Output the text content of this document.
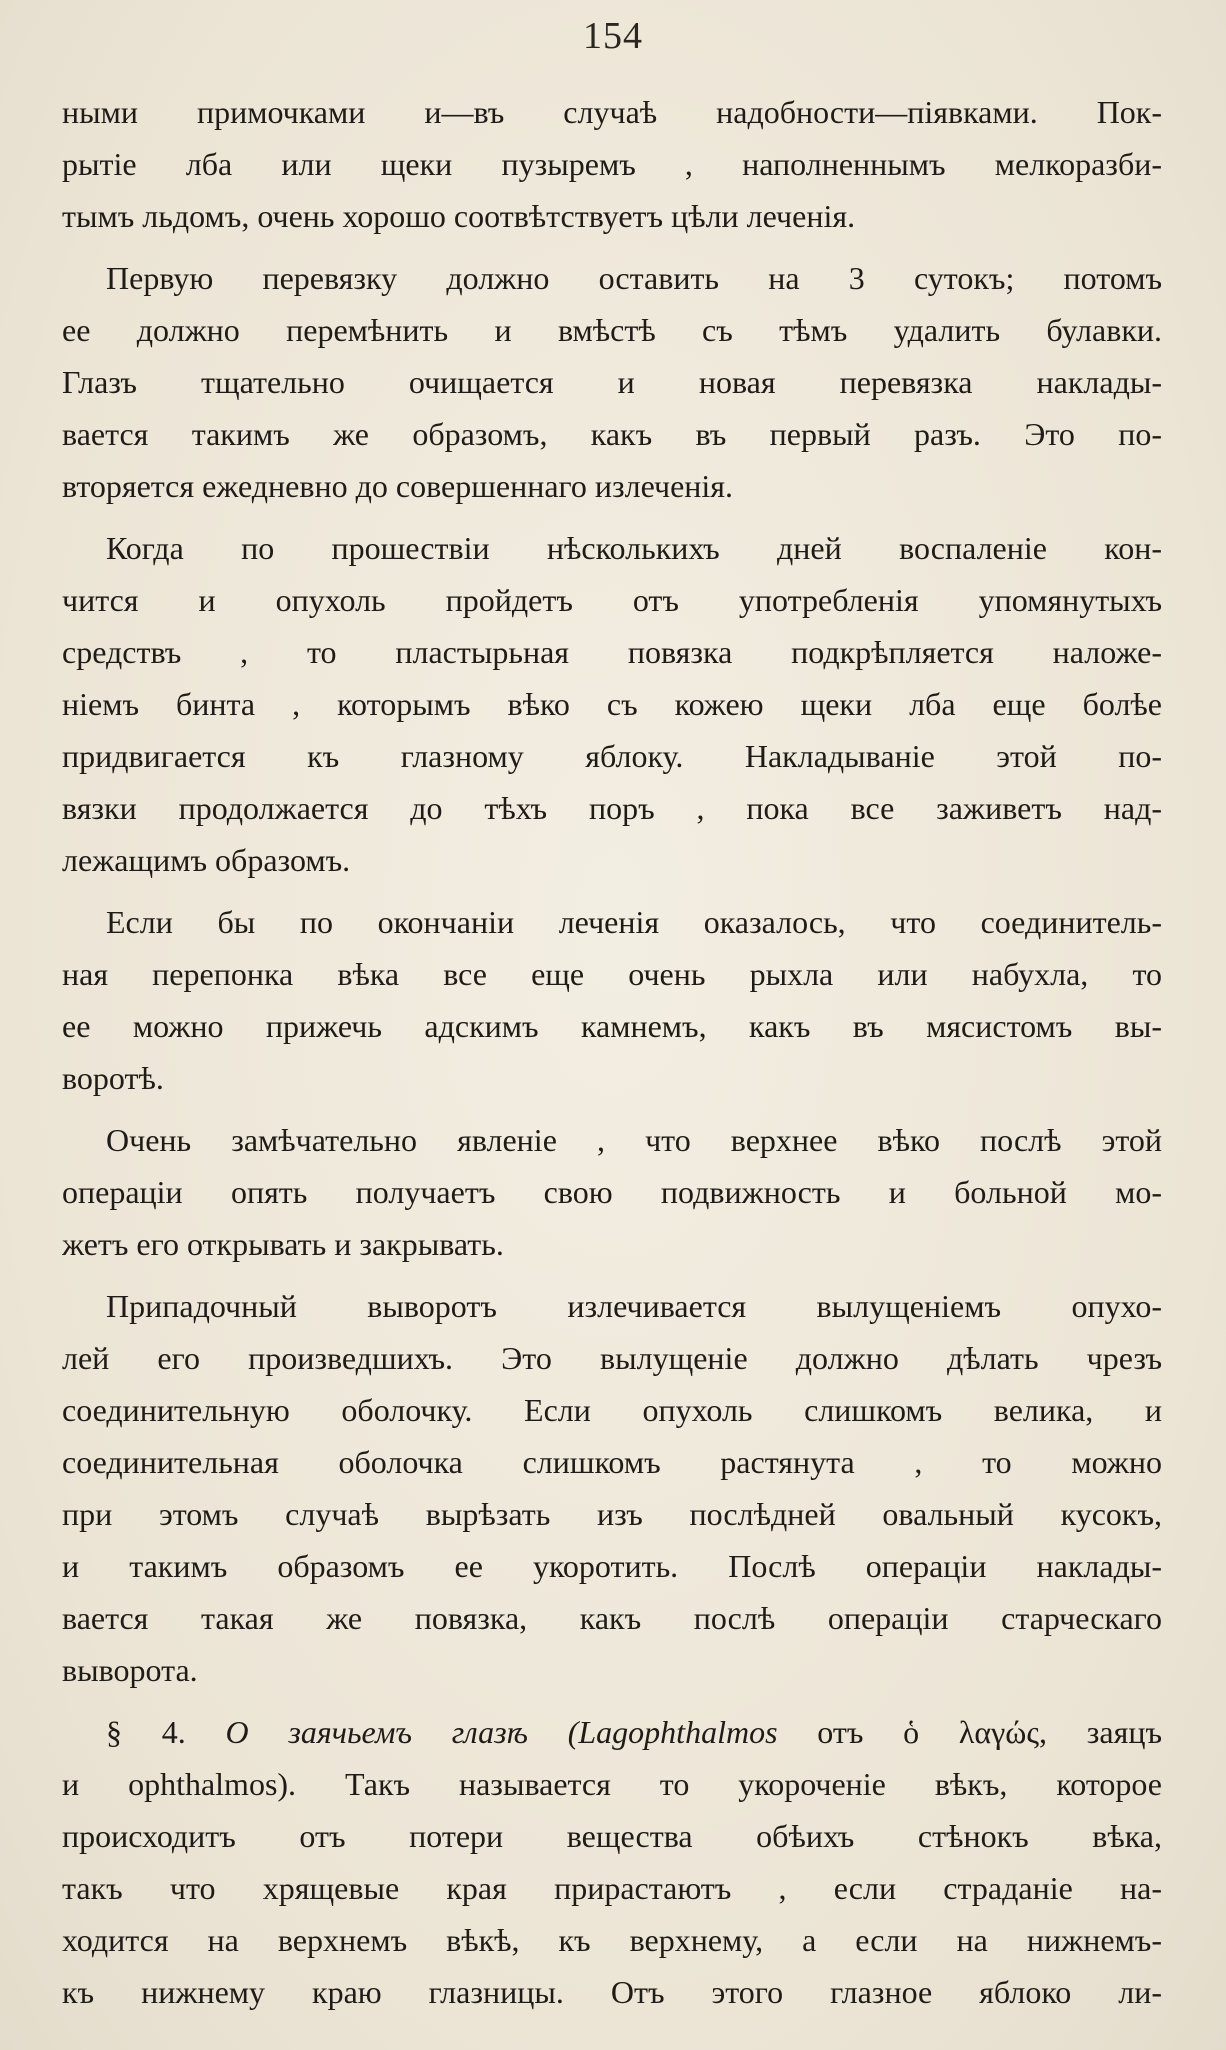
154
ными примочками и—въ случаѣ надобности—піявками. Пок-
рытіе лба или щеки пузыремъ , наполненнымъ мелкоразби-
тымъ льдомъ, очень хорошо соотвѣтствуетъ цѣли леченія.
Первую перевязку должно оставить на 3 сутокъ; потомъ
ее должно перемѣнить и вмѣстѣ съ тѣмъ удалить булавки.
Глазъ тщательно очищается и новая перевязка наклады-
вается такимъ же образомъ, какъ въ первый разъ. Это по-
вторяется ежедневно до совершеннаго излеченія.
Когда по прошествіи нѣсколькихъ дней воспаленіе кон-
чится и опухоль пройдетъ отъ употребленія упомянутыхъ
средствъ , то пластырьная повязка подкрѣпляется наложе-
ніемъ бинта , которымъ вѣко съ кожею щеки лба еще болѣе
придвигается къ глазному яблоку. Накладываніе этой по-
вязки продолжается до тѣхъ поръ , пока все заживетъ над-
лежащимъ образомъ.
Если бы по окончаніи леченія оказалось, что соединитель-
ная перепонка вѣка все еще очень рыхла или набухла, то
ее можно прижечь адскимъ камнемъ, какъ въ мясистомъ вы-
воротѣ.
Очень замѣчательно явленіе , что верхнее вѣко послѣ этой
операціи опять получаетъ свою подвижность и больной мо-
жетъ его открывать и закрывать.
Припадочный выворотъ излечивается вылущеніемъ опухо-
лей его произведшихъ. Это вылущеніе должно дѣлать чрезъ
соединительную оболочку. Если опухоль слишкомъ велика, и
соединительная оболочка слишкомъ растянута , то можно
при этомъ случаѣ вырѣзать изъ послѣдней овальный кусокъ,
и такимъ образомъ ее укоротить. Послѣ операціи наклады-
вается такая же повязка, какъ послѣ операціи старческаго
выворота.
§ 4. О заячьемъ глазѣ (Lagophthalmos отъ ὁ λαγώς, заяцъ
и ophthalmos). Такъ называется то укороченіе вѣкъ, которое
происходитъ отъ потери вещества обѣихъ стѣнокъ вѣка,
такъ что хрящевые края прирастаютъ , если страданіе на-
ходится на верхнемъ вѣкѣ, къ верхнему, а если на нижнемъ-
къ нижнему краю глазницы. Отъ этого глазное яблоко ли-
